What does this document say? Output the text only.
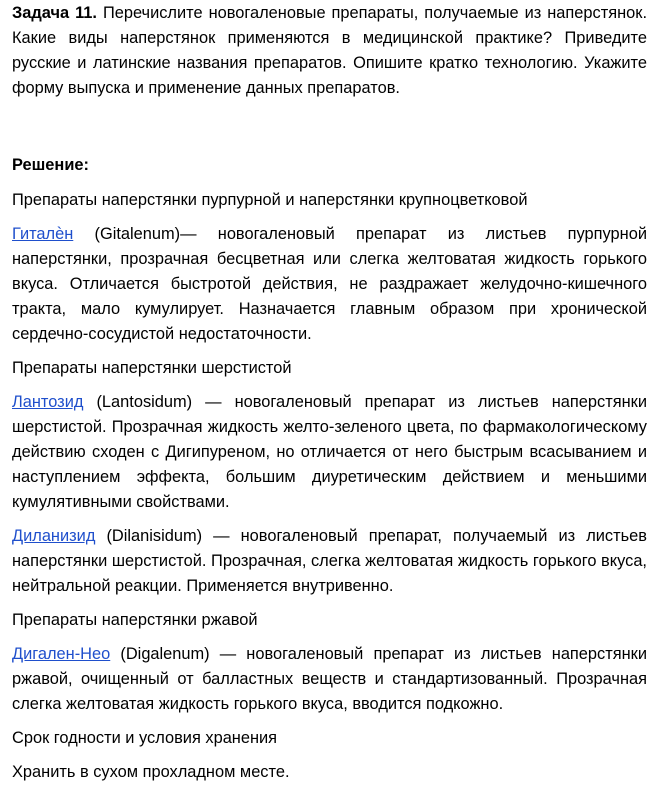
Задача 11. Перечислите новогаленовые препараты, получаемые из наперстянок. Какие виды наперстянок применяются в медицинской практике? Приведите русские и латинские названия препаратов. Опишите кратко технологию. Укажите форму выпуска и применение данных препаратов.

Решение:

Препараты наперстянки пурпурной и наперстянки крупноцветковой

Гиталѐн (Gitalenum)— новогаленовый препарат из листьев пурпурной наперстянки, прозрачная бесцветная или слегка желтоватая жидкость горького вкуса. Отличается быстротой действия, не раздражает желудочно-кишечного тракта, мало кумулирует. Назначается главным образом при хронической сердечно-сосудистой недостаточности.

Препараты наперстянки шерстистой

Лантозид (Lantosidum) — новогаленовый препарат из листьев наперстянки шерстистой. Прозрачная жидкость желто-зеленого цвета, по фармакологическому действию сходен с Дигипуреном, но отличается от него быстрым всасыванием и наступлением эффекта, большим диуретическим действием и меньшими кумулятивными свойствами.

Диланизид (Dilanisidum) — новогаленовый препарат, получаемый из листьев наперстянки шерстистой. Прозрачная, слегка желтоватая жидкость горького вкуса, нейтральной реакции. Применяется внутривенно.

Препараты наперстянки ржавой

Дигален-Нео (Digalenum) — новогаленовый препарат из листьев наперстянки ржавой, очищенный от балластных веществ и стандартизованный. Прозрачная слегка желтоватая жидкость горького вкуса, вводится подкожно.

Срок годности и условия хранения

Хранить в сухом прохладном месте.
